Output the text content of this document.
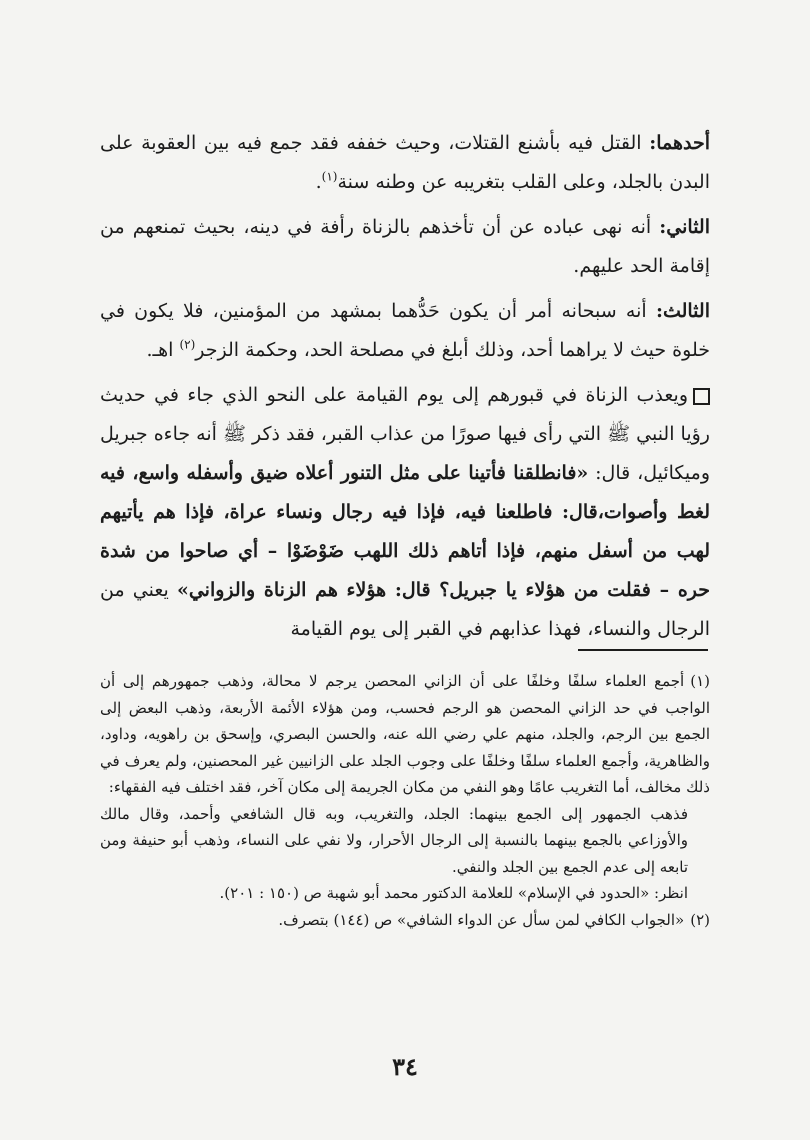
أحدهما: القتل فيه بأشنع القتلات، وحيث خففه فقد جمع فيه بين العقوبة على البدن بالجلد، وعلى القلب بتغريبه عن وطنه سنة$^{(١)}$.

الثاني: أنه نهى عباده عن أن تأخذهم بالزناة رأفة في دينه، بحيث تمنعهم من إقامة الحد عليهم.

الثالث: أنه سبحانه أمر أن يكون حَدُّهما بمشهد من المؤمنين، فلا يكون في خلوة حيث لا يراهما أحد، وذلك أبلغ في مصلحة الحد، وحكمة الزجر$^{(٢)}$ اهـ.

ويعذب الزناة في قبورهم إلى يوم القيامة على النحو الذي جاء في حديث رؤيا النبي ﷺ التي رأى فيها صورًا من عذاب القبر، فقد ذكر ﷺ أنه جاءه جبريل وميكائيل، قال: «فانطلقنا فأتينا على مثل التنور أعلاه ضيق وأسفله واسع، فيه لغط وأصوات،قال: فاطلعنا فيه، فإذا فيه رجال ونساء عراة، فإذا هم يأتيهم لهب من أسفل منهم، فإذا أتاهم ذلك اللهب ضَوْضَوْا – أي صاحوا من شدة حره – فقلت من هؤلاء يا جبريل؟ قال: هؤلاء هم الزناة والزواني» يعني من الرجال والنساء، فهذا عذابهم في القبر إلى يوم القيامة

(١)أجمع العلماء سلفًا وخلفًا على أن الزاني المحصن يرجم لا محالة، وذهب جمهورهم إلى أن الواجب في حد الزاني المحصن هو الرجم فحسب، ومن هؤلاء الأئمة الأربعة، وذهب البعض إلى الجمع بين الرجم، والجلد، منهم علي رضي الله عنه، والحسن البصري، وإسحق بن راهويه، وداود، والظاهرية، وأجمع العلماء سلفًا وخلفًا على وجوب الجلد على الزانيين غير المحصنين، ولم يعرف في ذلك مخالف، أما التغريب عامًا وهو النفي من مكان الجريمة إلى مكان آخر، فقد اختلف فيه الفقهاء:

فذهب الجمهور إلى الجمع بينهما: الجلد، والتغريب، وبه قال الشافعي وأحمد، وقال مالك والأوزاعي بالجمع بينهما بالنسبة إلى الرجال الأحرار، ولا نفي على النساء، وذهب أبو حنيفة ومن تابعه إلى عدم الجمع بين الجلد والنفي.

انظر: «الحدود في الإسلام» للعلامة الدكتور محمد أبو شهبة ص (١٥٠ : ٢٠١).

(٢)«الجواب الكافي لمن سأل عن الدواء الشافي» ص (١٤٤) بتصرف.

٣٤
